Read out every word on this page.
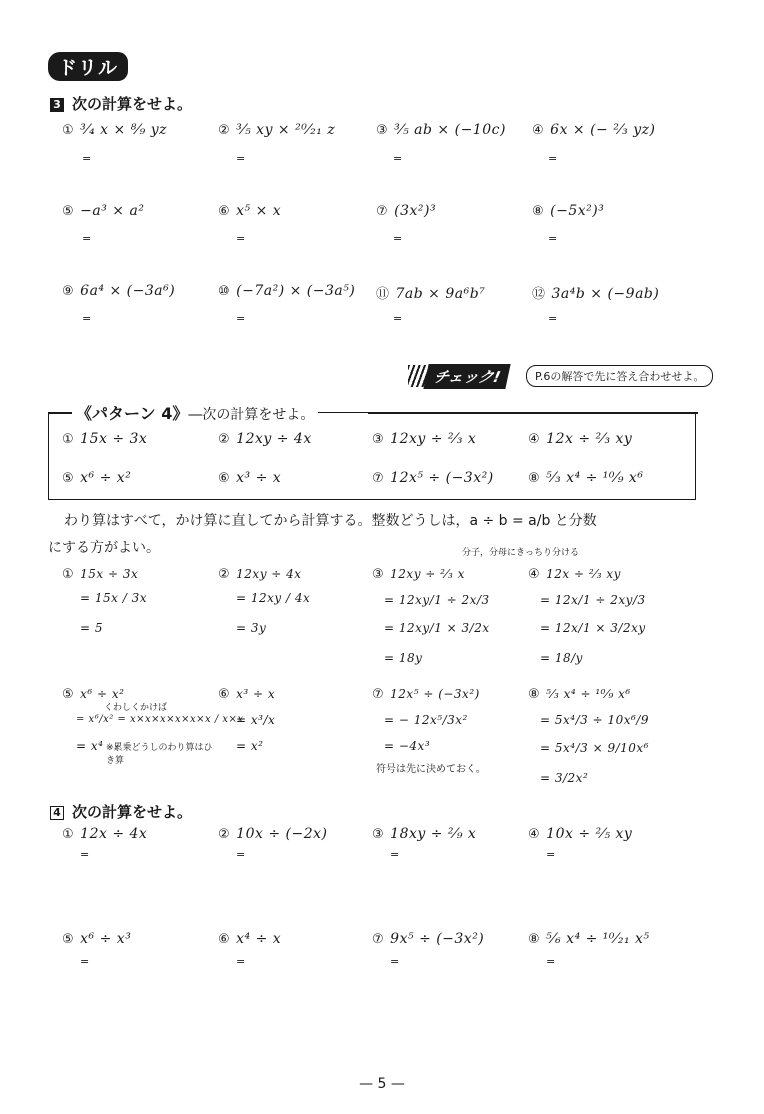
ドリル
3 次の計算をせよ。
① ³⁄₄ x × ⁸⁄₉ yz	② ³⁄₅ xy × ²⁰⁄₂₁ z	③ ³⁄₅ ab × (−10c) ④ 6x × (− ²⁄₃ yz)
=	=	=	=
⑤ −a³ × a²	⑥ x⁵ × x	⑦ (3x²)³	⑧ (−5x²)³
=	=	=	=
⑨ 6a⁴ × (−3a⁶)	⑩ (−7a²) × (−3a⁵) ⑪ 7ab × 9a⁶b⁷	⑫ 3a⁴b × (−9ab)
=	=	=	=
チェック!	P.6の解答で先に答え合わせせよ。
《パターン 4》―次の計算をせよ。
① 15x ÷ 3x	② 12xy ÷ 4x	③ 12xy ÷ ²⁄₃ x	④ 12x ÷ ²⁄₃ xy
⑤ x⁶ ÷ x²	⑥ x³ ÷ x	⑦ 12x⁵ ÷ (−3x²)	⑧ ⁵⁄₃ x⁴ ÷ ¹⁰⁄₉ x⁶
わり算はすべて，かけ算に直してから計算する。整数どうしは，a ÷ b = a/b と分数
にする方がよい。
① 15x ÷ 3x
= 15x / 3x
= 5
② 12xy ÷ 4x
= 12xy / 4x
= 3y
分子，分母にきっちり分ける
③ 12xy ÷ ²⁄₃ x
= 12xy/1 ÷ 2x/3
= 12xy/1 × 3/2x
= 18y
④ 12x ÷ ²⁄₃ xy
= 12x/1 ÷ 2xy/3
= 12x/1 × 3/2xy
= 18/y
⑤ x⁶ ÷ x²
くわしくかけば
= x⁶/x² = x×x×x×x×x×x / x×x
= x⁴ ※累乗どうしのわり算はひき算
⑥ x³ ÷ x
= x³/x
= x²
⑦ 12x⁵ ÷ (−3x²)
= − 12x⁵/3x²
= −4x³
符号は先に決めておく。
⑧ ⁵⁄₃ x⁴ ÷ ¹⁰⁄₉ x⁶
= 5x⁴/3 ÷ 10x⁶/9
= 5x⁴/3 × 9/10x⁶
= 3/2x²
4 次の計算をせよ。
① 12x ÷ 4x	② 10x ÷ (−2x)	③ 18xy ÷ ²⁄₉ x	④ 10x ÷ ²⁄₅ xy
=	=	=	=
⑤ x⁶ ÷ x³	⑥ x⁴ ÷ x	⑦ 9x⁵ ÷ (−3x²)	⑧ ⁵⁄₆ x⁴ ÷ ¹⁰⁄₂₁ x⁵
=	=	=	=
— 5 —
